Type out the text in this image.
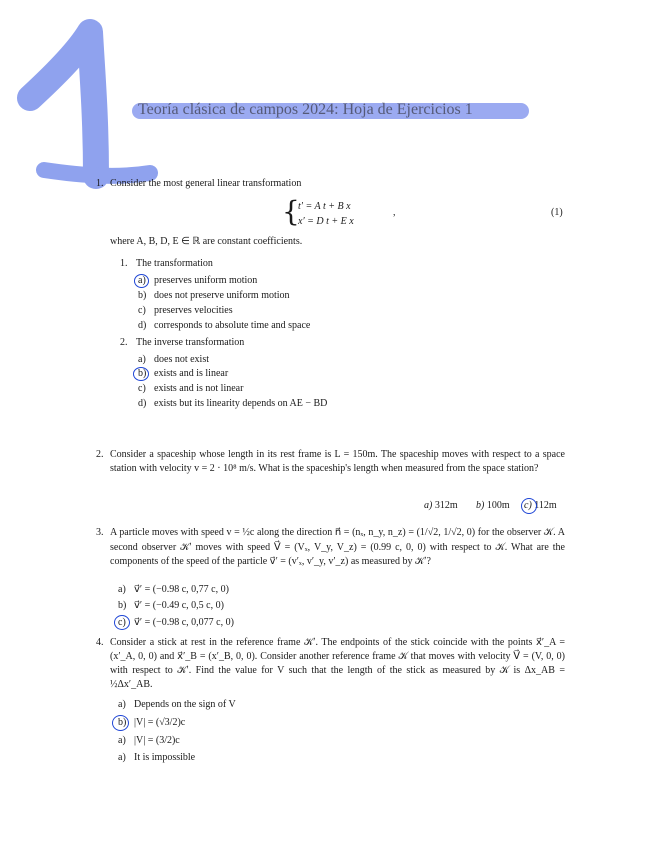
Teoría clásica de campos 2024: Hoja de Ejercicios 1
1. Consider the most general linear transformation
{
t′ = A t + B x
x′ = D t + E x
,	(1)
where A, B, D, E ∈ ℝ are constant coefficients.
1. The transformation
a) preserves uniform motion
b) does not preserve uniform motion
c) preserves velocities
d) corresponds to absolute time and space
2. The inverse transformation
a) does not exist
b) exists and is linear
c) exists and is not linear
d) exists but its linearity depends on AE − BD
2. Consider a spaceship whose length in its rest frame is L = 150m. The spaceship moves with respect to a space station with velocity v = 2 · 10⁸ m/s. What is the spaceship's length when measured from the space station?
a) 312m b) 100m c) 112m
3. A particle moves with speed v = ½c along the direction n⃗ = (nₓ, n_y, n_z) = (1/√2, 1/√2, 0) for the observer 𝒦. A second observer 𝒦′ moves with speed V⃗ = (Vₓ, V_y, V_z) = (0.99 c, 0, 0) with respect to 𝒦. What are the components of the speed of the particle v⃗′ = (v′ₓ, v′_y, v′_z) as measured by 𝒦′?
a) v⃗′ = (−0.98 c, 0,77 c, 0)
b) v⃗′ = (−0.49 c, 0,5 c, 0)
c) v⃗′ = (−0.98 c, 0,077 c, 0)
4. Consider a stick at rest in the reference frame 𝒦′. The endpoints of the stick coincide with the points x⃗′_A = (x′_A, 0, 0) and x⃗′_B = (x′_B, 0, 0). Consider another reference frame 𝒦 that moves with velocity V⃗ = (V, 0, 0) with respect to 𝒦′. Find the value for V such that the length of the stick as measured by 𝒦 is Δx_AB = ½Δx′_AB.
a) Depends on the sign of V
b) |V| = (√3/2)c
a) |V| = (3/2)c
a) It is impossible
